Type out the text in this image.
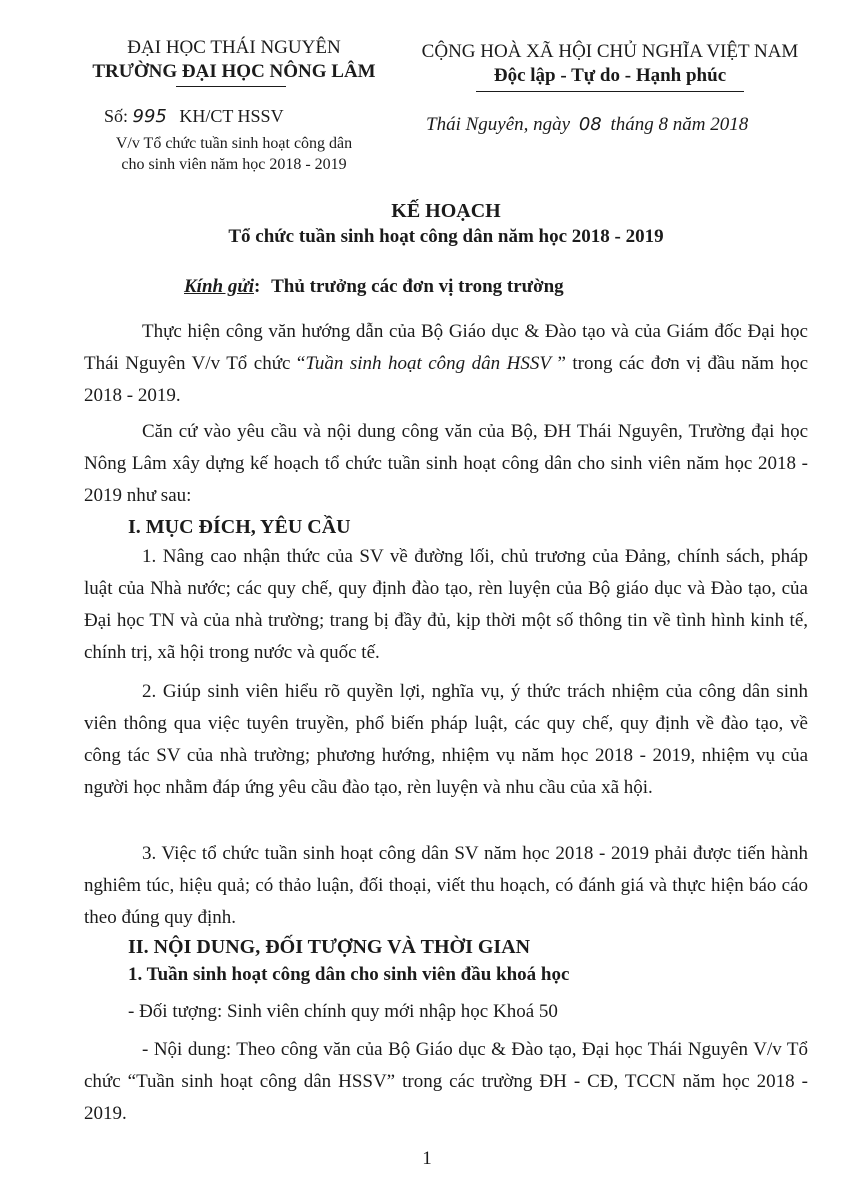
ĐẠI HỌC THÁI NGUYÊN
TRƯỜNG ĐẠI HỌC NÔNG LÂM
Số: 995 KH/CT HSSV
V/v Tổ chức tuần sinh hoạt công dân
cho sinh viên năm học 2018 - 2019
CỘNG HOÀ XÃ HỘI CHỦ NGHĨA VIỆT NAM
Độc lập - Tự do - Hạnh phúc
Thái Nguyên, ngày 08 tháng 8 năm 2018
KẾ HOẠCH
Tổ chức tuần sinh hoạt công dân năm học 2018 - 2019
Kính gửi: Thủ trưởng các đơn vị trong trường
Thực hiện công văn hướng dẫn của Bộ Giáo dục & Đào tạo và của Giám đốc Đại học Thái Nguyên V/v Tổ chức “Tuần sinh hoạt công dân HSSV ” trong các đơn vị đầu năm học 2018 - 2019.
Căn cứ vào yêu cầu và nội dung công văn của Bộ, ĐH Thái Nguyên, Trường đại học Nông Lâm xây dựng kế hoạch tổ chức tuần sinh hoạt công dân cho sinh viên năm học 2018 - 2019 như sau:
I. MỤC ĐÍCH, YÊU CẦU
1. Nâng cao nhận thức của SV về đường lối, chủ trương của Đảng, chính sách, pháp luật của Nhà nước; các quy chế, quy định đào tạo, rèn luyện của Bộ giáo dục và Đào tạo, của Đại học TN và của nhà trường; trang bị đầy đủ, kịp thời một số thông tin về tình hình kinh tế, chính trị, xã hội trong nước và quốc tế.
2. Giúp sinh viên hiểu rõ quyền lợi, nghĩa vụ, ý thức trách nhiệm của công dân sinh viên thông qua việc tuyên truyền, phổ biến pháp luật, các quy chế, quy định về đào tạo, về công tác SV của nhà trường; phương hướng, nhiệm vụ năm học 2018 - 2019, nhiệm vụ của người học nhằm đáp ứng yêu cầu đào tạo, rèn luyện và nhu cầu của xã hội.
3. Việc tổ chức tuần sinh hoạt công dân SV năm học 2018 - 2019 phải được tiến hành nghiêm túc, hiệu quả; có thảo luận, đối thoại, viết thu hoạch, có đánh giá và thực hiện báo cáo theo đúng quy định.
II. NỘI DUNG, ĐỐI TƯỢNG VÀ THỜI GIAN
1. Tuần sinh hoạt công dân cho sinh viên đầu khoá học
- Đối tượng: Sinh viên chính quy mới nhập học Khoá 50
- Nội dung: Theo công văn của Bộ Giáo dục & Đào tạo, Đại học Thái Nguyên V/v Tổ chức “Tuần sinh hoạt công dân HSSV” trong các trường ĐH - CĐ, TCCN năm học 2018 - 2019.
1
